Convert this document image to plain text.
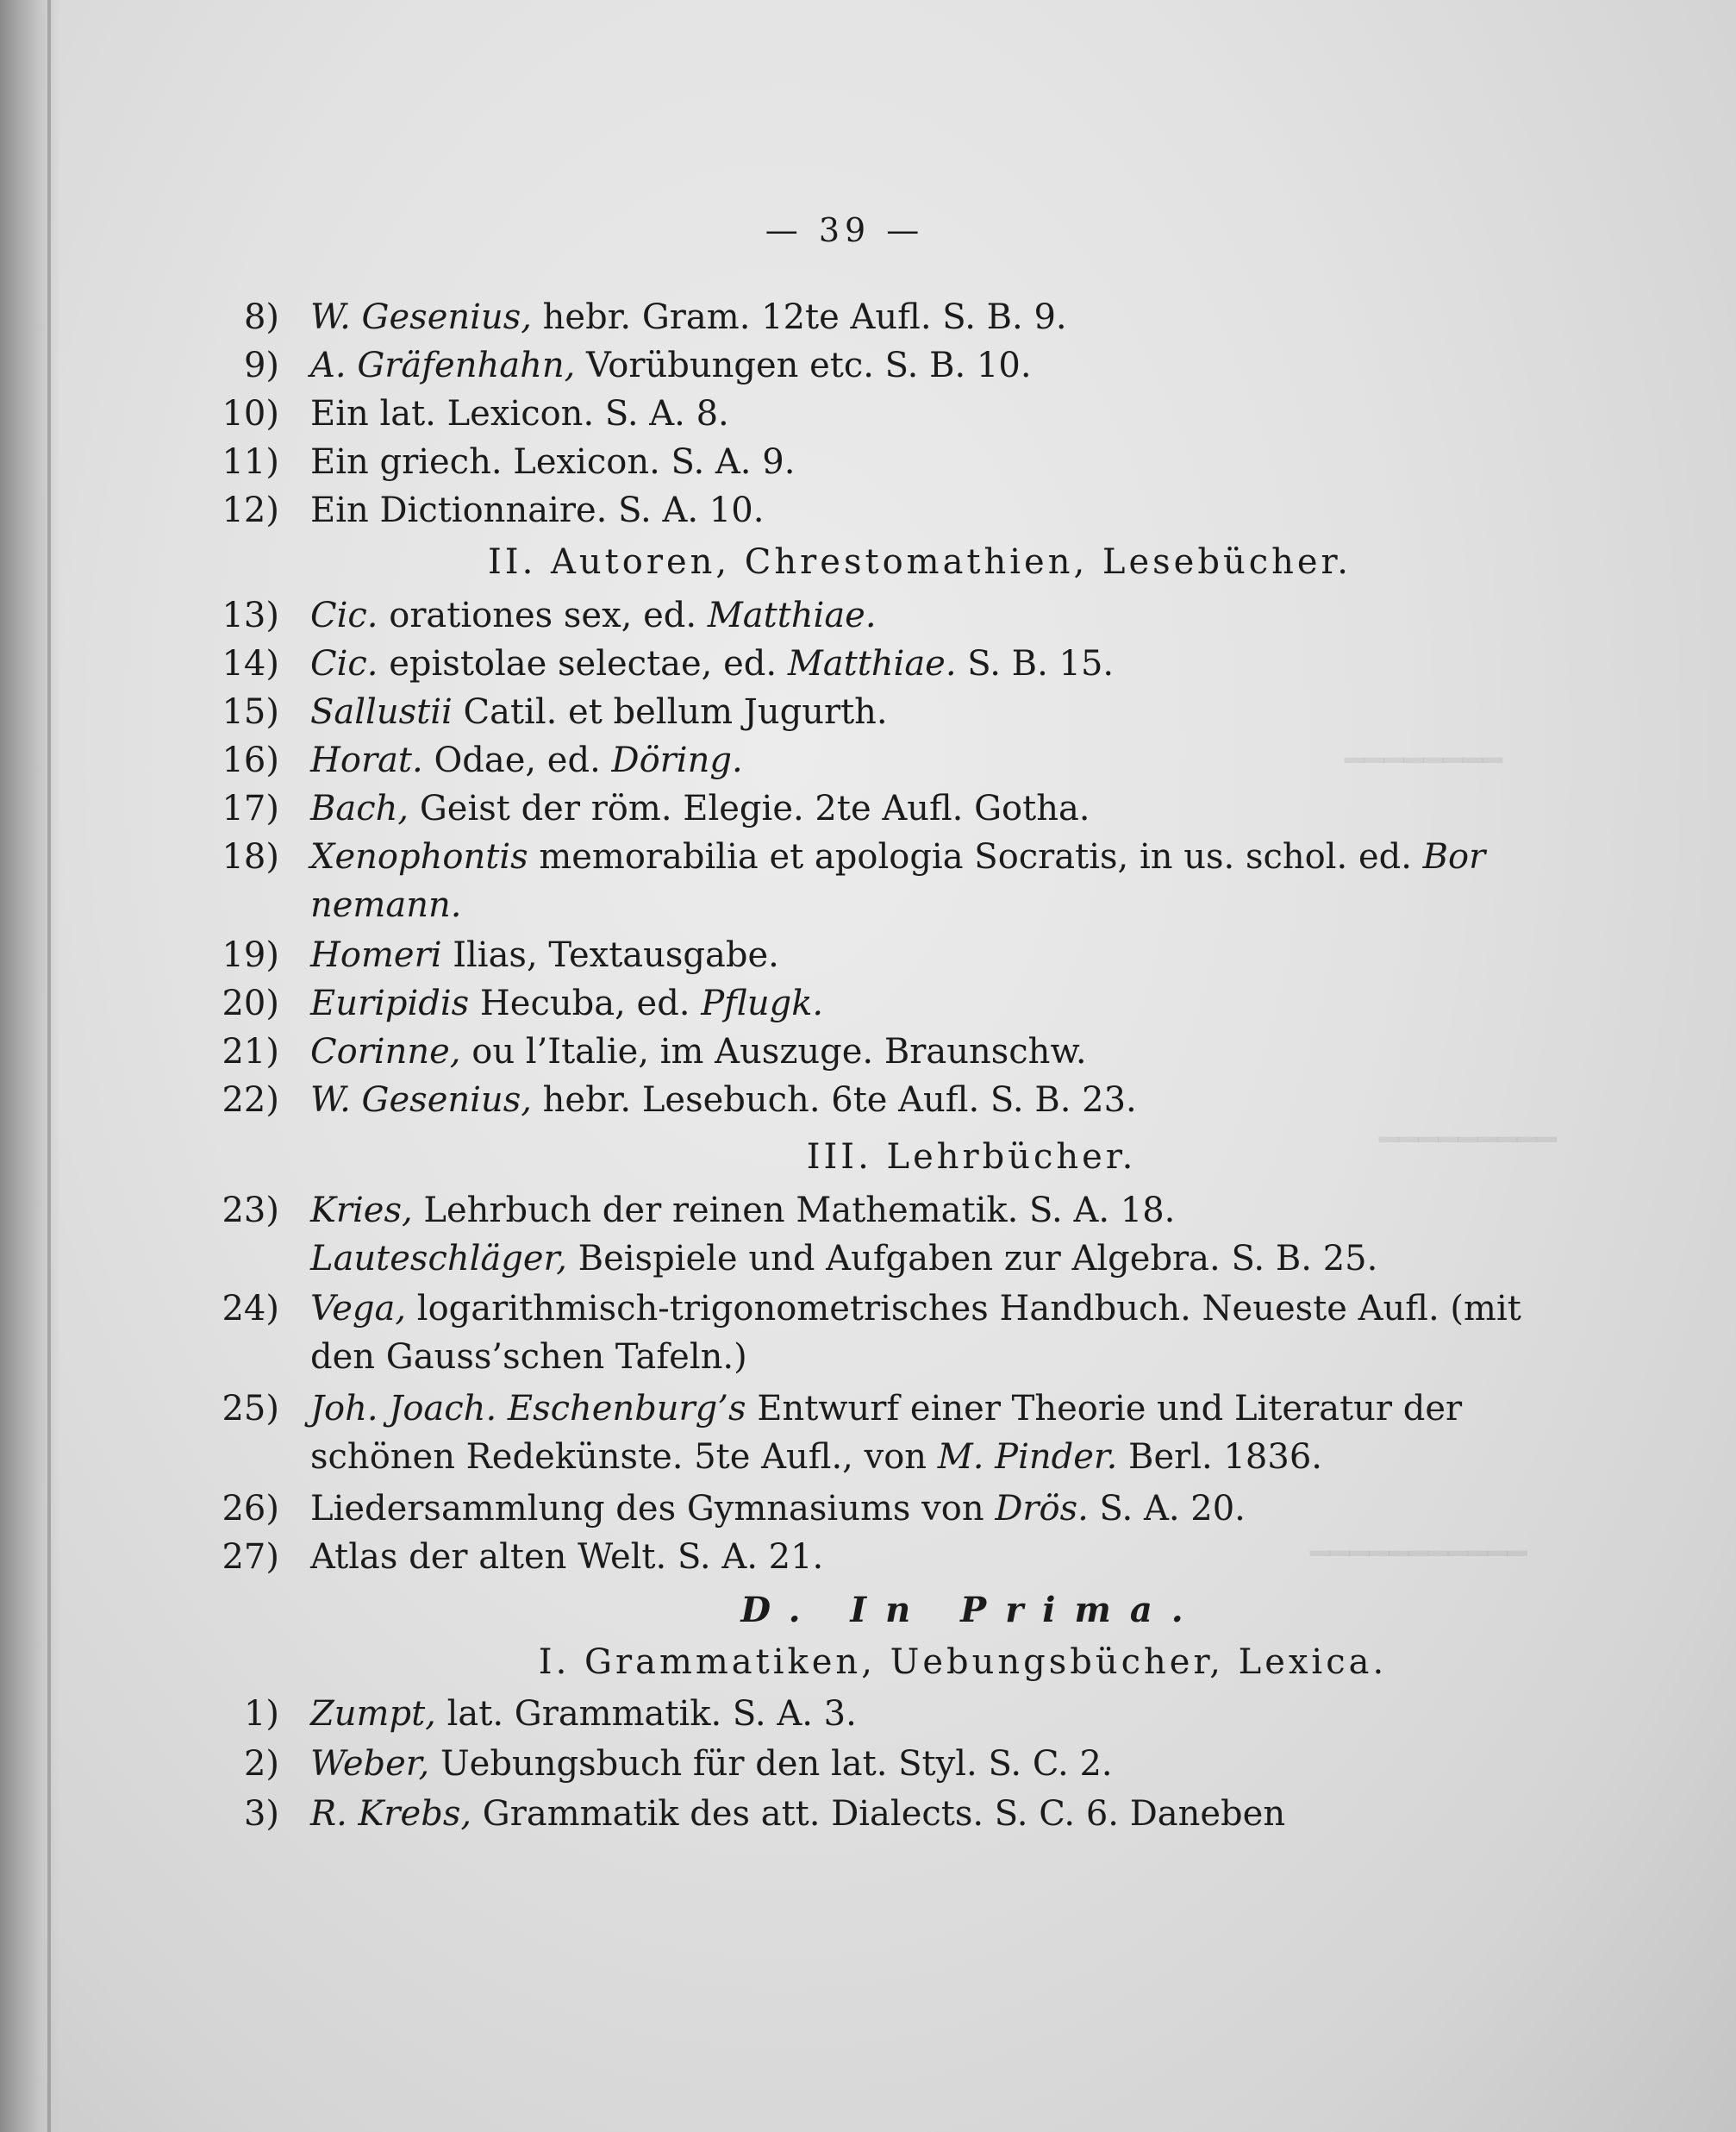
━━━━━━━━
━━━━━━━━━
━━━━━━━━━━━
— 39 —
8) W. Gesenius, hebr. Gram. 12te Aufl. S. B. 9.
9) A. Gräfenhahn, Vorübungen etc. S. B. 10.
10) Ein lat. Lexicon. S. A. 8.
11) Ein griech. Lexicon. S. A. 9.
12) Ein Dictionnaire. S. A. 10.
II. Autoren, Chrestomathien, Lesebücher.
13) Cic. orationes sex, ed. Matthiae.
14) Cic. epistolae selectae, ed. Matthiae. S. B. 15.
15) Sallustii Catil. et bellum Jugurth.
16) Horat. Odae, ed. Döring.
17) Bach, Geist der röm. Elegie. 2te Aufl. Gotha.
18) Xenophontis memorabilia et apologia Socratis, in us. schol. ed. Bor
nemann.
19) Homeri Ilias, Textausgabe.
20) Euripidis Hecuba, ed. Pflugk.
21) Corinne, ou l’Italie, im Auszuge. Braunschw.
22) W. Gesenius, hebr. Lesebuch. 6te Aufl. S. B. 23.
III. Lehrbücher.
23) Kries, Lehrbuch der reinen Mathematik. S. A. 18.
Lauteschläger, Beispiele und Aufgaben zur Algebra. S. B. 25.
24) Vega, logarithmisch-trigonometrisches Handbuch. Neueste Aufl. (mit
den Gauss’schen Tafeln.)
25) Joh. Joach. Eschenburg’s Entwurf einer Theorie und Literatur der
schönen Redekünste. 5te Aufl., von M. Pinder. Berl. 1836.
26) Liedersammlung des Gymnasiums von Drös. S. A. 20.
27) Atlas der alten Welt. S. A. 21.
D. In Prima.
I. Grammatiken, Uebungsbücher, Lexica.
1) Zumpt, lat. Grammatik. S. A. 3.
2) Weber, Uebungsbuch für den lat. Styl. S. C. 2.
3) R. Krebs, Grammatik des att. Dialects. S. C. 6. Daneben
